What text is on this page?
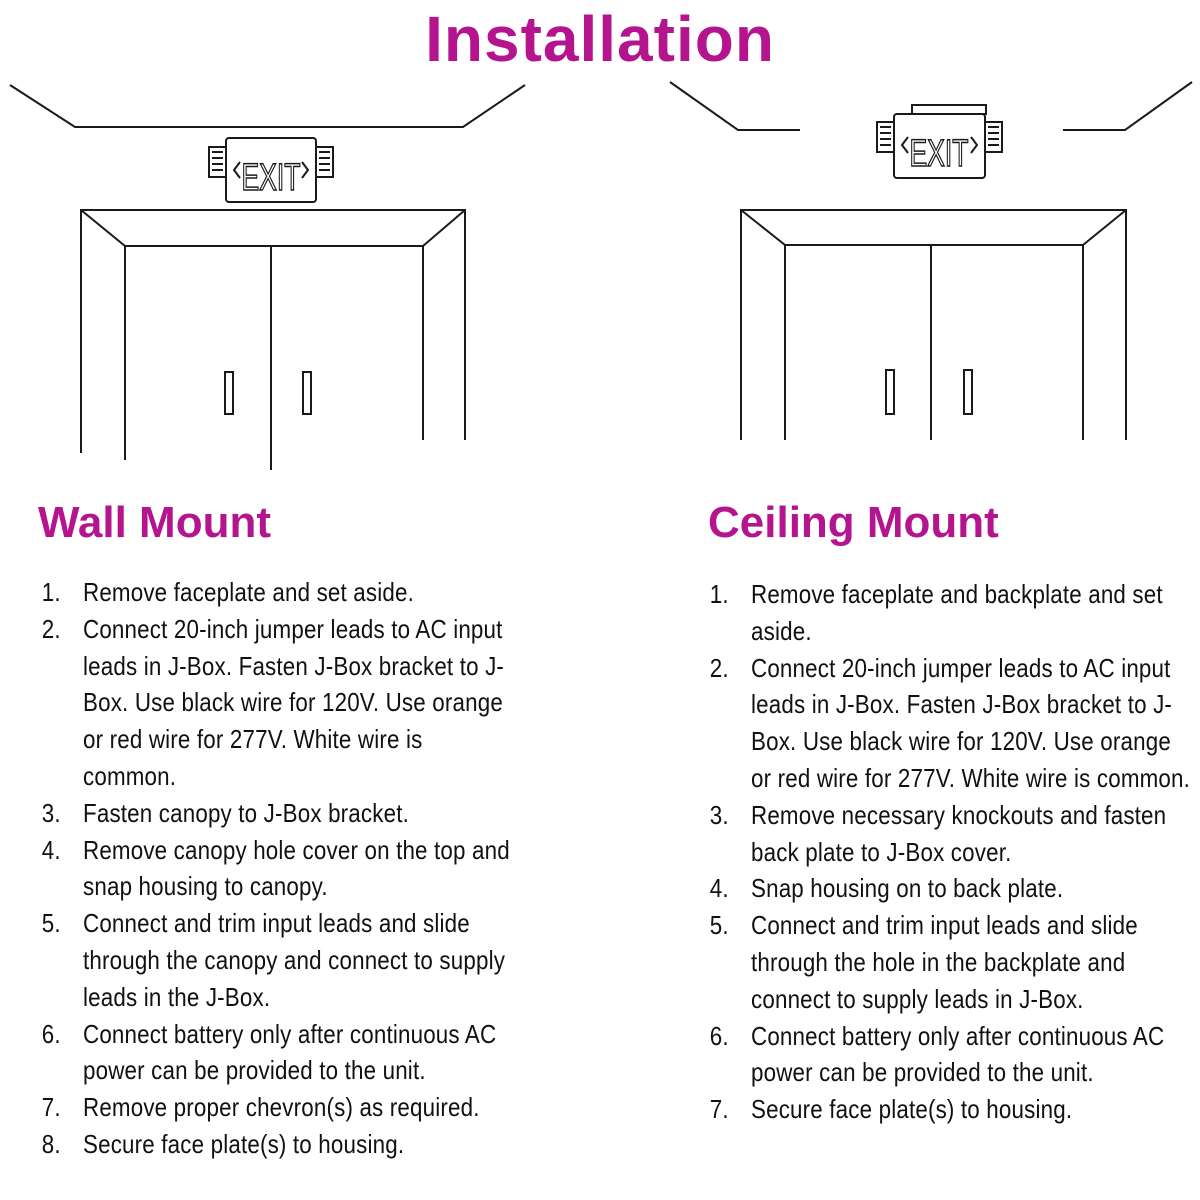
Installation
EXIT
EXIT
Wall Mount
1. Remove faceplate and set aside.
2. Connect 20-inch jumper leads to AC input leads in J-Box. Fasten J-Box bracket to J-Box. Use black wire for 120V. Use orange or red wire for 277V. White wire is common.
3. Fasten canopy to J-Box bracket.
4. Remove canopy hole cover on the top and snap housing to canopy.
5. Connect and trim input leads and slide through the canopy and connect to supply leads in the J-Box.
6. Connect battery only after continuous AC power can be provided to the unit.
7. Remove proper chevron(s) as required.
8. Secure face plate(s) to housing.
Ceiling Mount
1. Remove faceplate and backplate and set aside.
2. Connect 20-inch jumper leads to AC input leads in J-Box. Fasten J-Box bracket to J-Box. Use black wire for 120V. Use orange or red wire for 277V. White wire is common.
3. Remove necessary knockouts and fasten back plate to J-Box cover.
4. Snap housing on to back plate.
5. Connect and trim input leads and slide through the hole in the backplate and connect to supply leads in J-Box.
6. Connect battery only after continuous AC power can be provided to the unit.
7. Secure face plate(s) to housing.
